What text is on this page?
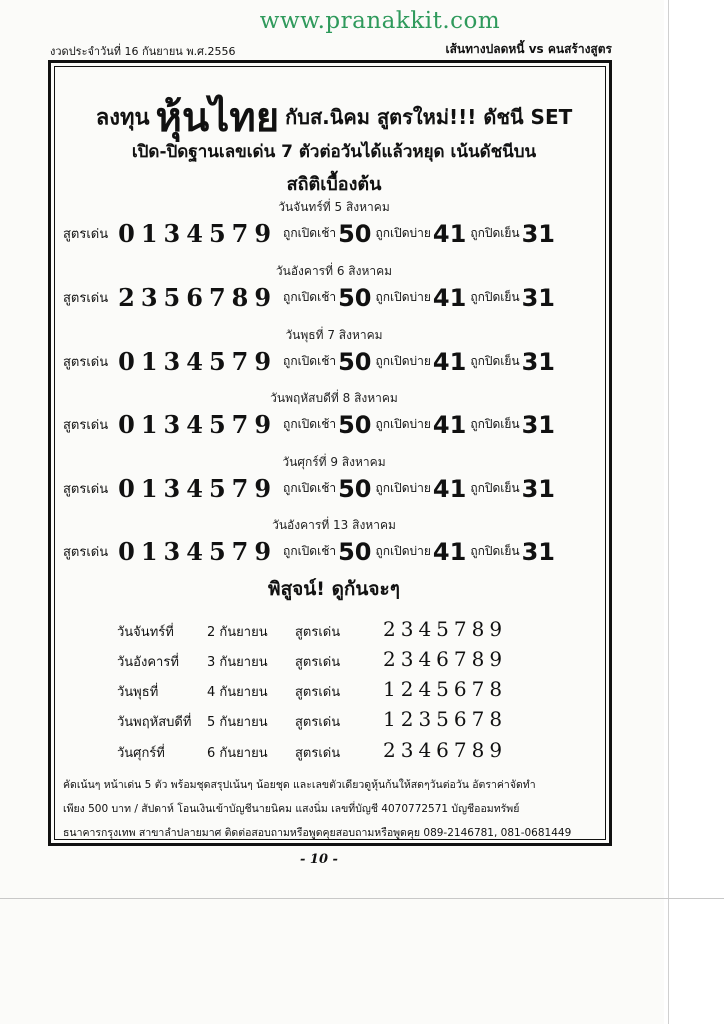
www.pranakkit.com
งวดประจำวันที่ 16 กันยายน พ.ศ.2556	เส้นทางปลดหนี้ vs คนสร้างสูตร
ลงทุน หุ้นไทย กับส.นิคม สูตรใหม่!!! ดัชนี SET
เปิด-ปิดฐานเลขเด่น 7 ตัวต่อวันได้แล้วหยุด เน้นดัชนีบน
สถิติเบื้องต้น
วันจันทร์ที่ 5 สิงหาคม
สูตรเด่น 0134579 ถูกเปิดเช้า50 ถูกเปิดบ่าย41 ถูกปิดเย็น31
วันอังคารที่ 6 สิงหาคม
สูตรเด่น 2356789 ถูกเปิดเช้า50 ถูกเปิดบ่าย41 ถูกปิดเย็น31
วันพุธที่ 7 สิงหาคม
สูตรเด่น 0134579 ถูกเปิดเช้า50 ถูกเปิดบ่าย41 ถูกปิดเย็น31
วันพฤหัสบดีที่ 8 สิงหาคม
สูตรเด่น 0134579 ถูกเปิดเช้า50 ถูกเปิดบ่าย41 ถูกปิดเย็น31
วันศุกร์ที่ 9 สิงหาคม
สูตรเด่น 0134579 ถูกเปิดเช้า50 ถูกเปิดบ่าย41 ถูกปิดเย็น31
วันอังคารที่ 13 สิงหาคม
สูตรเด่น 0134579 ถูกเปิดเช้า50 ถูกเปิดบ่าย41 ถูกปิดเย็น31
พิสูจน์! ดูกันจะๆ
วันจันทร์ที่	2 กันยายน สูตรเด่น 2345789
วันอังคารที่ 3 กันยายน สูตรเด่น 2346789
วันพุธที่	4 กันยายน สูตรเด่น 1245678
วันพฤหัสบดีที่ 5 กันยายน สูตรเด่น 1235678
วันศุกร์ที่	6 กันยายน สูตรเด่น 2346789
คัดเน้นๆ หน้าเด่น 5 ตัว พร้อมชุดสรุปเน้นๆ น้อยชุด และเลขตัวเดียวดูหุ้นก้นให้สดๆวันต่อวัน อัตราค่าจัดทำ
เพียง 500 บาท / สัปดาห์ โอนเงินเข้าบัญชีนายนิคม แสงนิ่ม เลขที่บัญชี 4070772571 บัญชีออมทรัพย์
ธนาคารกรุงเทพ สาขาลำปลายมาศ ติดต่อสอบถามหรือพูดคุยสอบถามหรือพูดคุย 089-2146781, 081-0681449
- 10 -
